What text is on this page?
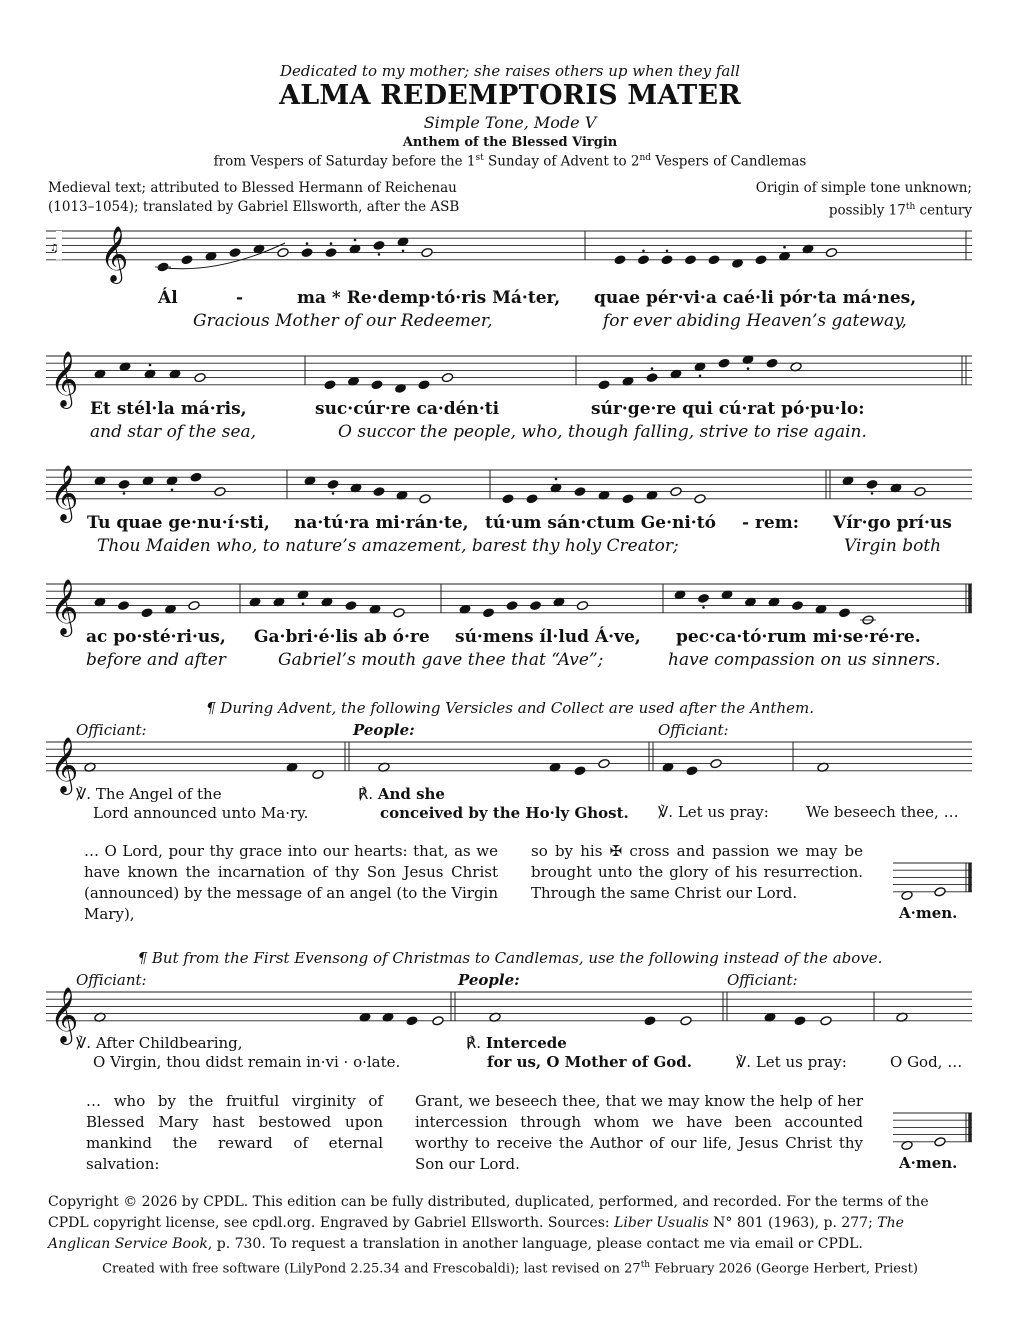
Dedicated to my mother; she raises others up when they fall
ALMA REDEMPTORIS MATER
Simple Tone, Mode V
Anthem of the Blessed Virgin
from Vespers of Saturday before the 1st Sunday of Advent to 2nd Vespers of Candlemas
Medieval text; attributed to Blessed Hermann of Reichenau
(1013–1054); translated by Gabriel Ellsworth, after the ASB
Origin of simple tone unknown;
possibly 17th century
𝄞
♫
𝄞
𝄞
𝄞
𝄞
𝄞
Ál	-	ma * Re·demp·tó·ris Má·ter, quae pér·vi·a caé·li pór·ta má·nes,
Gracious Mother of our Redeemer,	for ever abiding Heaven’s gateway,
Et stél·la má·ris,	suc·cúr·re ca·dén·ti	súr·ge·re qui cú·rat pó·pu·lo:
and star of the sea,	O succor the people, who, though falling, strive to rise again.
Tu quae ge·nu·í·sti, na·tú·ra mi·rán·te, tú·um sán·ctum Ge·ni·tó - rem: Vír·go prí·us
Thou Maiden who, to nature’s amazement, barest thy holy Creator;	Virgin both
ac po·sté·ri·us, Ga·bri·é·lis ab ó·re sú·mens íl·lud Á·ve, pec·ca·tó·rum mi·se·ré·re.
before and after	Gabriel’s mouth gave thee that “Ave”;	have compassion on us sinners.
¶ During Advent, the following Versicles and Collect are used after the Anthem.
Officiant:	People:	Officiant:
℣. The Angel of the
Lord announced unto Ma·ry.
℟. And she
conceived by the Ho·ly Ghost. ℣. Let us pray: We beseech thee, …
… O Lord, pour thy grace into our hearts: that, as we have known the incarnation of thy Son Jesus Christ (announced) by the message of an angel (to the Virgin Mary),
so by his ✠ cross and passion we may be brought unto the glory of his resurrection. Through the same Christ our Lord.
A·men.
¶ But from the First Evensong of Christmas to Candlemas, use the following instead of the above.
Officiant:	People:	Officiant:
℣. After Childbearing,
O Virgin, thou didst remain in·vi · o·late.
℟. Intercede
for us, O Mother of God.	℣. Let us pray:	O God, …
… who by the fruitful virginity of Blessed Mary hast bestowed upon mankind the reward of eternal salvation:
Grant, we beseech thee, that we may know the help of her intercession through whom we have been accounted worthy to receive the Author of our life, Jesus Christ thy Son our Lord.	A·men.
Copyright © 2026 by CPDL. This edition can be fully distributed, duplicated, performed, and recorded. For the terms of the
CPDL copyright license, see cpdl.org. Engraved by Gabriel Ellsworth. Sources: Liber Usualis N° 801 (1963), p. 277; The
Anglican Service Book, p. 730. To request a translation in another language, please contact me via email or CPDL.
Created with free software (LilyPond 2.25.34 and Frescobaldi); last revised on 27th February 2026 (George Herbert, Priest)
